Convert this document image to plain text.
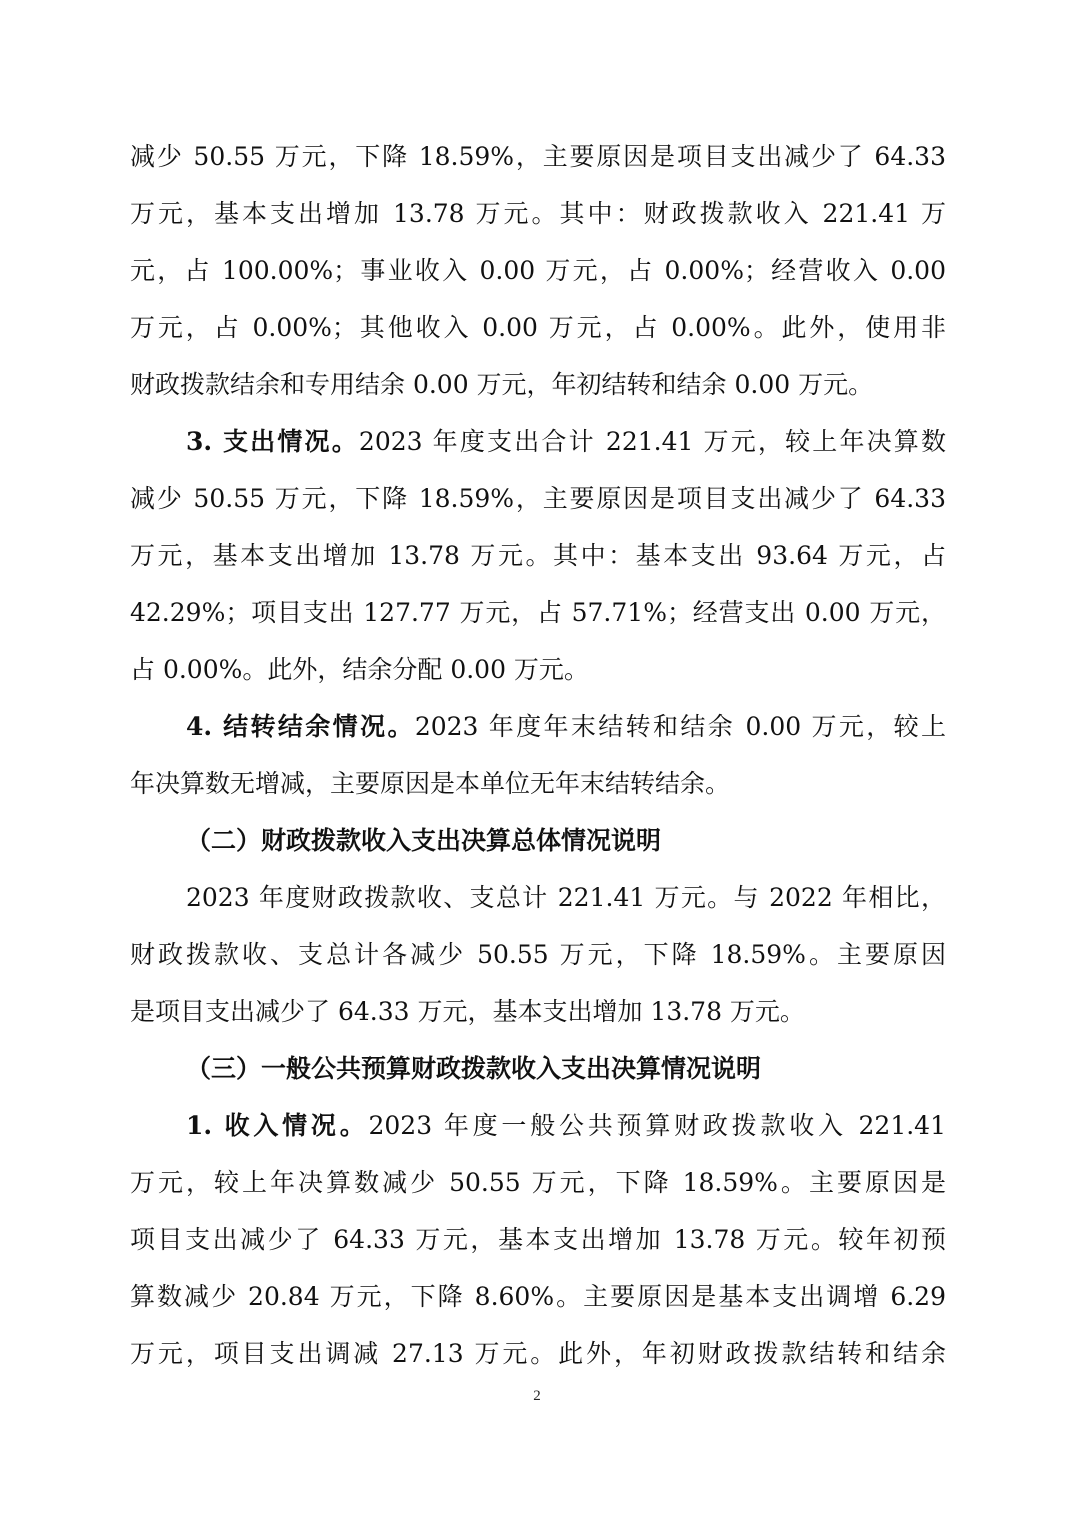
减少 50.55 万元，下降 18.59%，主要原因是项目支出减少了 64.33
万元，基本支出增加 13.78 万元。其中：财政拨款收入 221.41 万
元，占 100.00%；事业收入 0.00 万元，占 0.00%；经营收入 0.00
万元，占 0.00%；其他收入 0.00 万元，占 0.00%。此外，使用非
财政拨款结余和专用结余 0.00 万元，年初结转和结余 0.00 万元。
3. 支出情况。2023 年度支出合计 221.41 万元，较上年决算数
减少 50.55 万元，下降 18.59%，主要原因是项目支出减少了 64.33
万元，基本支出增加 13.78 万元。其中：基本支出 93.64 万元，占
42.29%；项目支出 127.77 万元，占 57.71%；经营支出 0.00 万元，
占 0.00%。此外，结余分配 0.00 万元。
4. 结转结余情况。2023 年度年末结转和结余 0.00 万元，较上
年决算数无增减，主要原因是本单位无年末结转结余。
（二）财政拨款收入支出决算总体情况说明
2023 年度财政拨款收、支总计 221.41 万元。与 2022 年相比，
财政拨款收、支总计各减少 50.55 万元，下降 18.59%。主要原因
是项目支出减少了 64.33 万元，基本支出增加 13.78 万元。
（三）一般公共预算财政拨款收入支出决算情况说明
1. 收入情况。2023 年度一般公共预算财政拨款收入 221.41
万元，较上年决算数减少 50.55 万元，下降 18.59%。主要原因是
项目支出减少了 64.33 万元，基本支出增加 13.78 万元。较年初预
算数减少 20.84 万元，下降 8.60%。主要原因是基本支出调增 6.29
万元，项目支出调减 27.13 万元。此外，年初财政拨款结转和结余
2
